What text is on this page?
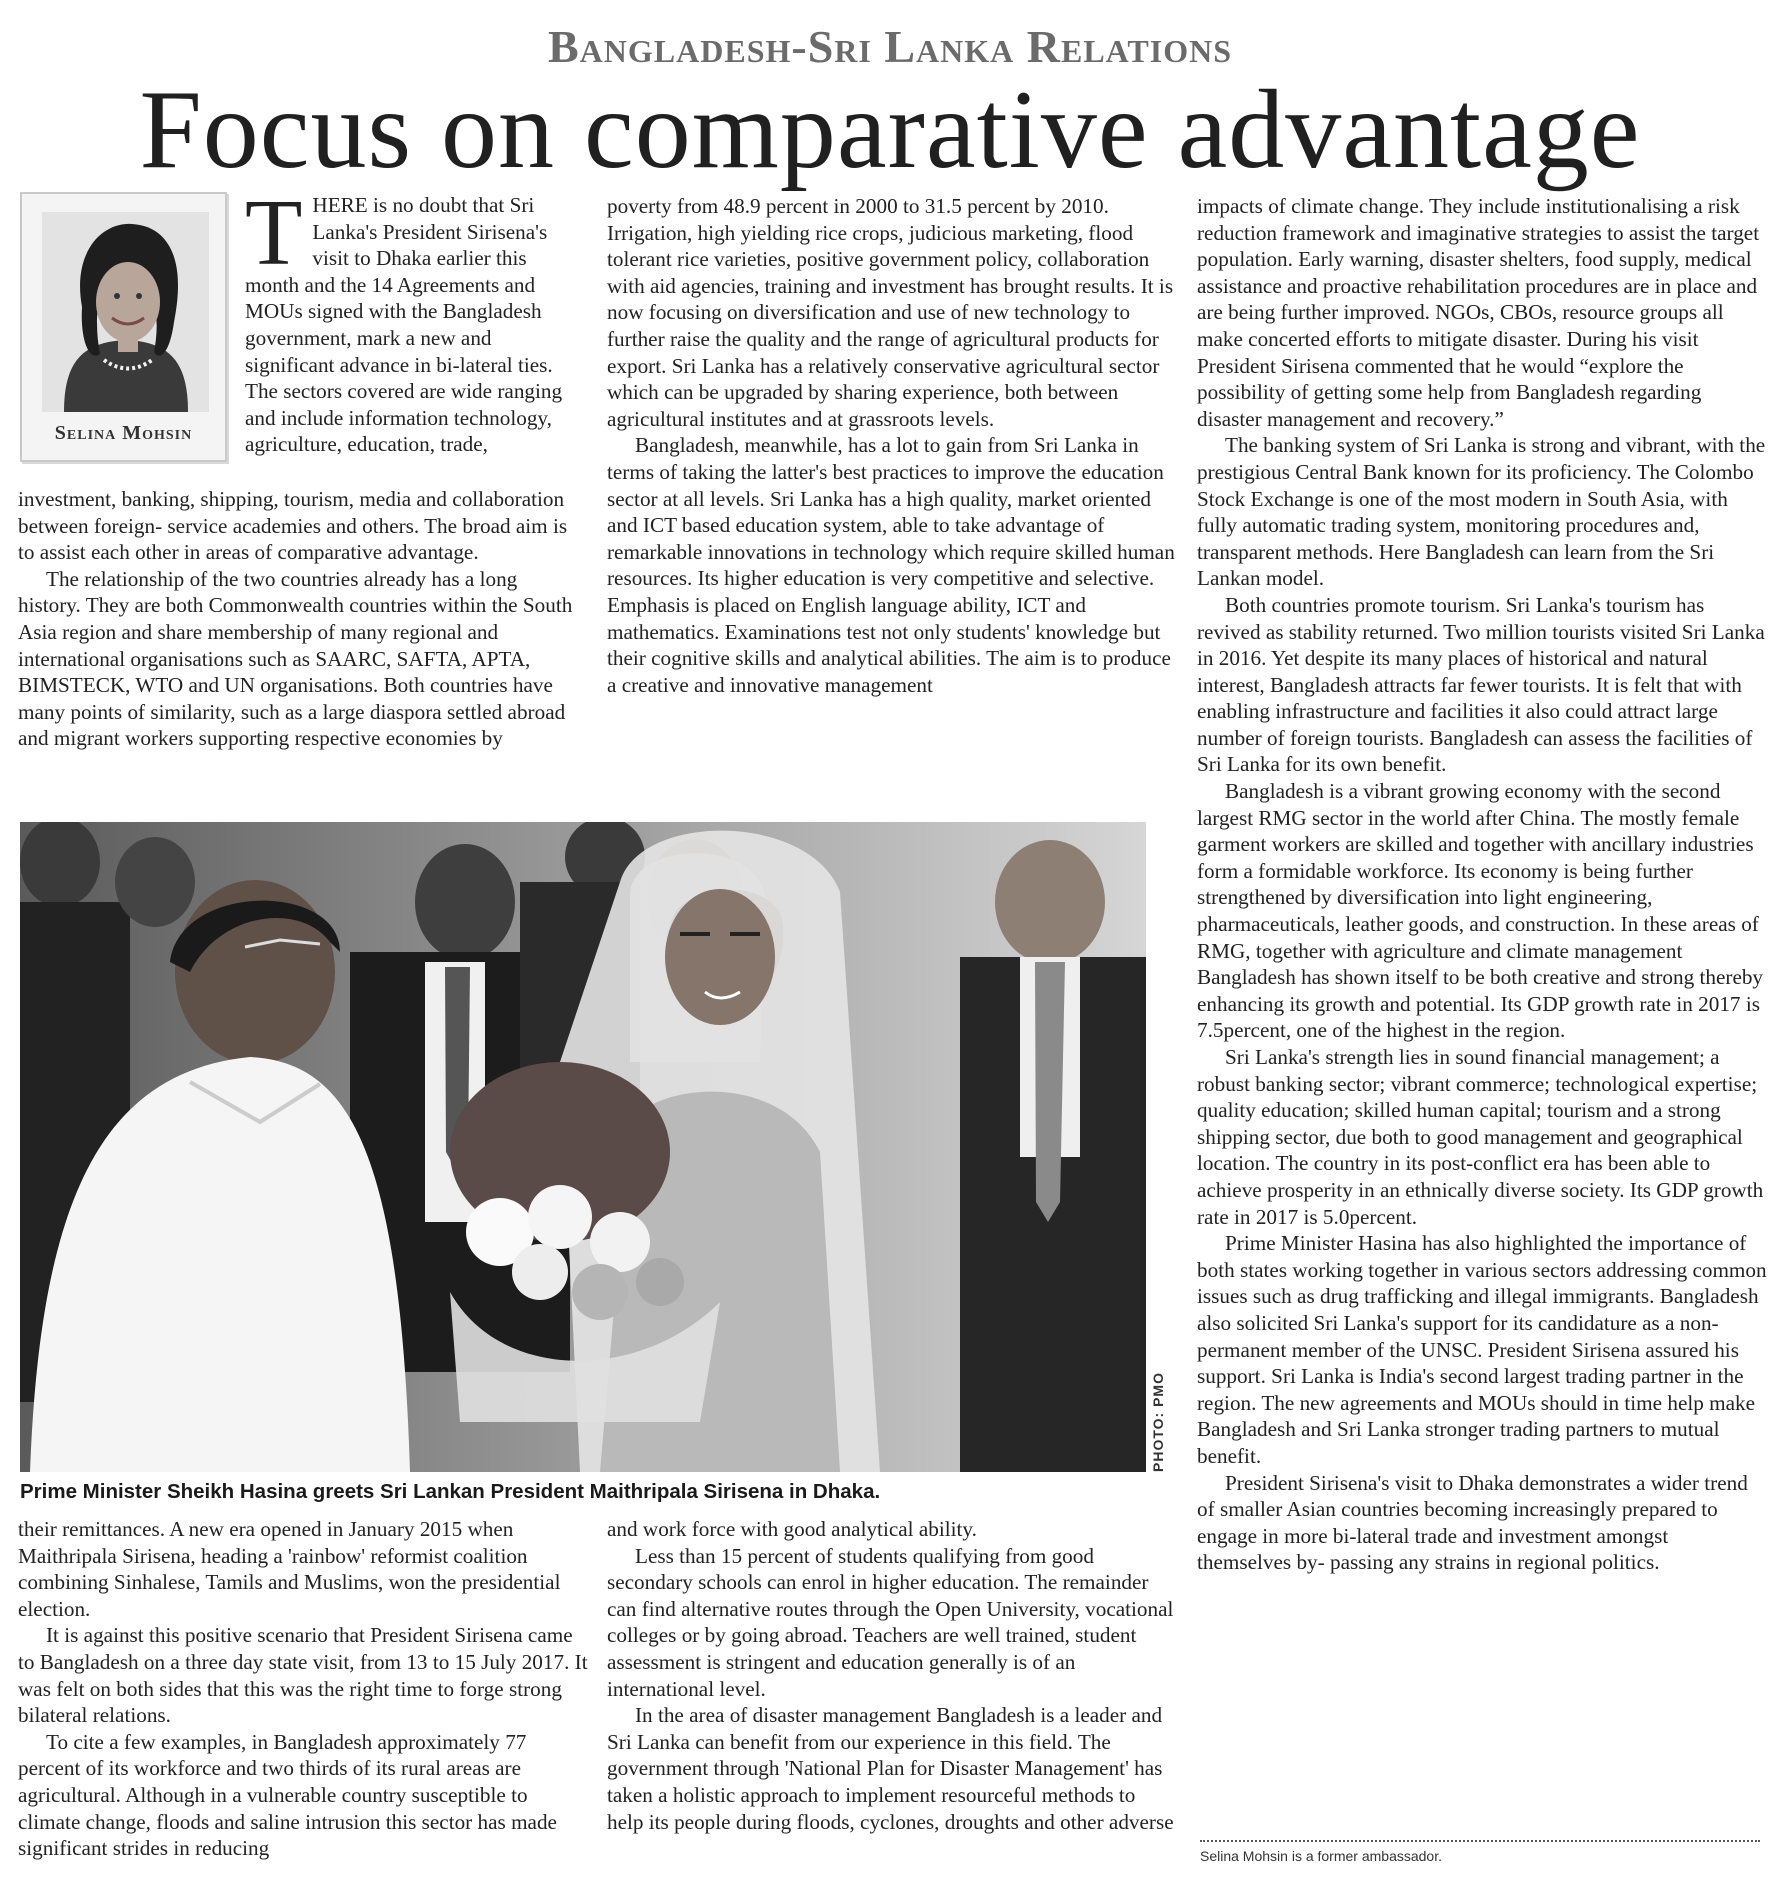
Bangladesh-Sri Lanka Relations
Focus on comparative advantage
Selina Mohsin
T HERE is no doubt that Sri Lanka's President Sirisena's visit to Dhaka earlier this month and the 14 Agreements and MOUs signed with the Bangladesh government, mark a new and significant advance in bi-lateral ties. The sectors covered are wide ranging and include information technology, agriculture, education, trade,
investment, banking, shipping, tourism, media and collaboration between foreign- service academies and others. The broad aim is to assist each other in areas of comparative advantage.

The relationship of the two countries already has a long history. They are both Commonwealth countries within the South Asia region and share membership of many regional and international organisations such as SAARC, SAFTA, APTA, BIMSTECK, WTO and UN organisations. Both countries have many points of similarity, such as a large diaspora settled abroad and migrant workers supporting respective economies by

poverty from 48.9 percent in 2000 to 31.5 percent by 2010. Irrigation, high yielding rice crops, judicious marketing, flood tolerant rice varieties, positive government policy, collaboration with aid agencies, training and investment has brought results. It is now focusing on diversification and use of new technology to further raise the quality and the range of agricultural products for export. Sri Lanka has a relatively conservative agricultural sector which can be upgraded by sharing experience, both between agricultural institutes and at grassroots levels.

Bangladesh, meanwhile, has a lot to gain from Sri Lanka in terms of taking the latter's best practices to improve the education sector at all levels. Sri Lanka has a high quality, market oriented and ICT based education system, able to take advantage of remarkable innovations in technology which require skilled human resources. Its higher education is very competitive and selective. Emphasis is placed on English language ability, ICT and mathematics. Examinations test not only students' knowledge but their cognitive skills and analytical abilities. The aim is to produce a creative and innovative management

impacts of climate change. They include institutionalising a risk reduction framework and imaginative strategies to assist the target population. Early warning, disaster shelters, food supply, medical assistance and proactive rehabilitation procedures are in place and are being further improved. NGOs, CBOs, resource groups all make concerted efforts to mitigate disaster. During his visit President Sirisena commented that he would “explore the possibility of getting some help from Bangladesh regarding disaster management and recovery.”

The banking system of Sri Lanka is strong and vibrant, with the prestigious Central Bank known for its proficiency. The Colombo Stock Exchange is one of the most modern in South Asia, with fully automatic trading system, monitoring procedures and, transparent methods. Here Bangladesh can learn from the Sri Lankan model.

Both countries promote tourism. Sri Lanka's tourism has revived as stability returned. Two million tourists visited Sri Lanka in 2016. Yet despite its many places of historical and natural interest, Bangladesh attracts far fewer tourists. It is felt that with enabling infrastructure and facilities it also could attract large number of foreign tourists. Bangladesh can assess the facilities of Sri Lanka for its own benefit.

Bangladesh is a vibrant growing economy with the second largest RMG sector in the world after China. The mostly female garment workers are skilled and together with ancillary industries form a formidable workforce. Its economy is being further strengthened by diversification into light engineering, pharmaceuticals, leather goods, and construction. In these areas of RMG, together with agriculture and climate management Bangladesh has shown itself to be both creative and strong thereby enhancing its growth and potential. Its GDP growth rate in 2017 is 7.5percent, one of the highest in the region.

Sri Lanka's strength lies in sound financial management; a robust banking sector; vibrant commerce; technological expertise; quality education; skilled human capital; tourism and a strong shipping sector, due both to good management and geographical location. The country in its post-conflict era has been able to achieve prosperity in an ethnically diverse society. Its GDP growth rate in 2017 is 5.0percent.

Prime Minister Hasina has also highlighted the importance of both states working together in various sectors addressing common issues such as drug trafficking and illegal immigrants. Bangladesh also solicited Sri Lanka's support for its candidature as a non-permanent member of the UNSC. President Sirisena assured his support. Sri Lanka is India's second largest trading partner in the region. The new agreements and MOUs should in time help make Bangladesh and Sri Lanka stronger trading partners to mutual benefit.

President Sirisena's visit to Dhaka demonstrates a wider trend of smaller Asian countries becoming increasingly prepared to engage in more bi-lateral trade and investment amongst themselves by- passing any strains in regional politics.

PHOTO: PMO
Prime Minister Sheikh Hasina greets Sri Lankan President Maithripala Sirisena in Dhaka.

their remittances. A new era opened in January 2015 when Maithripala Sirisena, heading a 'rainbow' reformist coalition combining Sinhalese, Tamils and Muslims, won the presidential election.

It is against this positive scenario that President Sirisena came to Bangladesh on a three day state visit, from 13 to 15 July 2017. It was felt on both sides that this was the right time to forge strong bilateral relations.

To cite a few examples, in Bangladesh approximately 77 percent of its workforce and two thirds of its rural areas are agricultural. Although in a vulnerable country susceptible to climate change, floods and saline intrusion this sector has made significant strides in reducing

and work force with good analytical ability.

Less than 15 percent of students qualifying from good secondary schools can enrol in higher education. The remainder can find alternative routes through the Open University, vocational colleges or by going abroad. Teachers are well trained, student assessment is stringent and education generally is of an international level.

In the area of disaster management Bangladesh is a leader and Sri Lanka can benefit from our experience in this field. The government through 'National Plan for Disaster Management' has taken a holistic approach to implement resourceful methods to help its people during floods, cyclones, droughts and other adverse

Selina Mohsin is a former ambassador.
